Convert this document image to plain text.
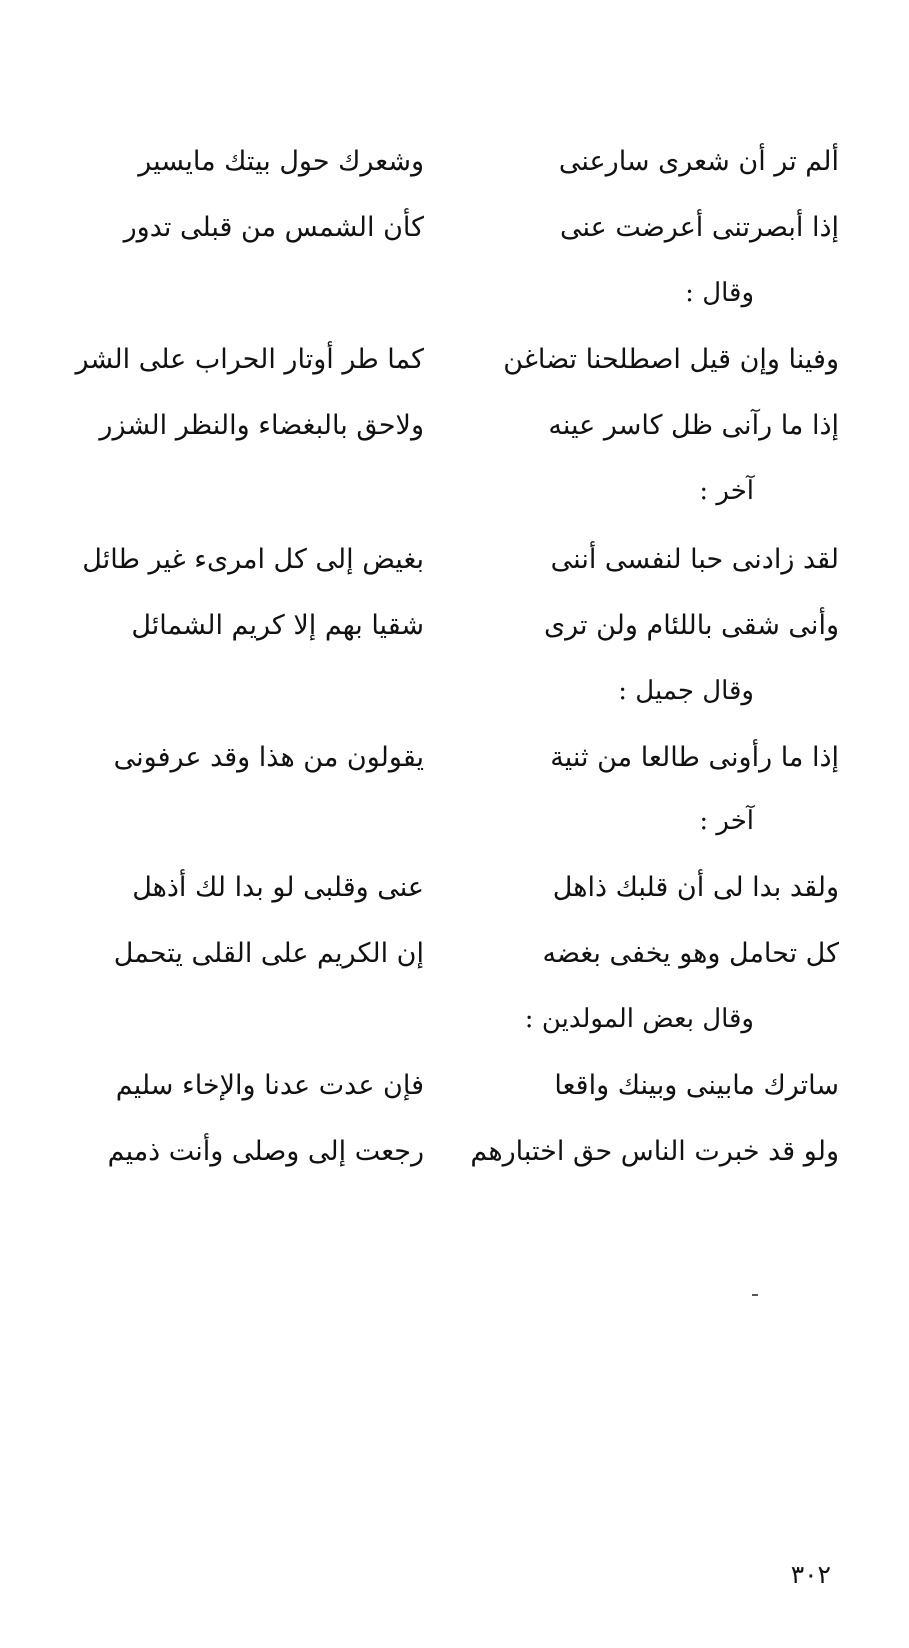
ألم تر أن شعرى سارعنى
وشعرك حول بيتك مايسير
إذا أبصرتنى أعرضت عنى
كأن الشمس من قبلى تدور
وقال :
وفينا وإن قيل اصطلحنا تضاغن
كما طر أوتار الحراب على الشر
إذا ما رآنى ظل كاسر عينه
ولاحق بالبغضاء والنظر الشزر
آخر :
لقد زادنى حبا لنفسى أننى
بغيض إلى كل امرىء غير طائل
وأنى شقى باللئام ولن ترى
شقيا بهم إلا كريم الشمائل
وقال جميل :
إذا ما رأونى طالعا من ثنية
يقولون من هذا وقد عرفونى
آخر :
ولقد بدا لى أن قلبك ذاهل
عنى وقلبى لو بدا لك أذهل
كل تحامل وهو يخفى بغضه
إن الكريم على القلى يتحمل
وقال بعض المولدين :
ساترك مابينى وبينك واقعا
فإن عدت عدنا والإخاء سليم
ولو قد خبرت الناس حق اختبارهم
رجعت إلى وصلى وأنت ذميم
٣٠٢
